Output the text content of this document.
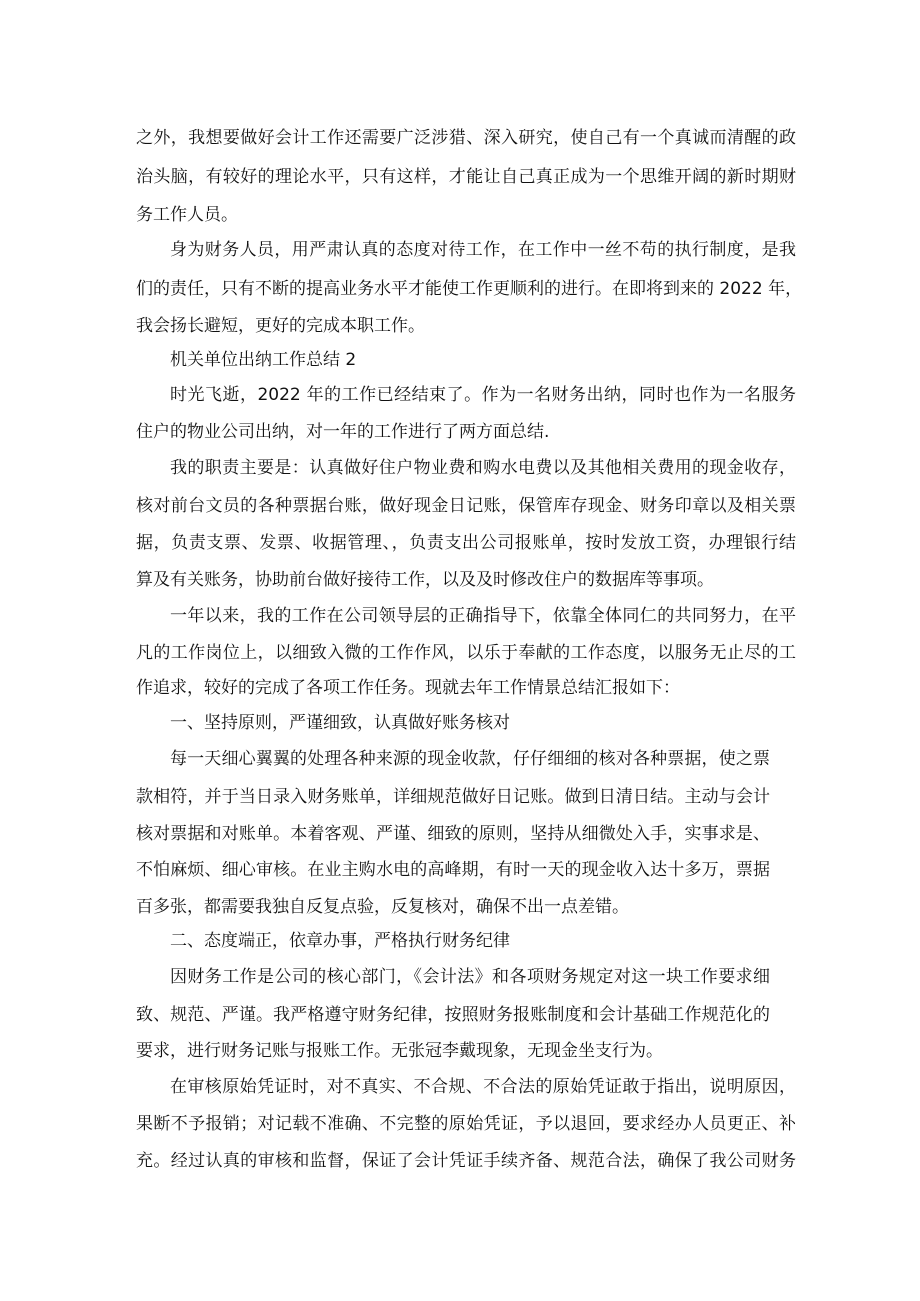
之外，我想要做好会计工作还需要广泛涉猎、深入研究，使自己有一个真诚而清醒的政
治头脑，有较好的理论水平，只有这样，才能让自己真正成为一个思维开阔的新时期财
务工作人员。
身为财务人员，用严肃认真的态度对待工作，在工作中一丝不苟的执行制度，是我
们的责任，只有不断的提高业务水平才能使工作更顺利的进行。在即将到来的 2022 年，
我会扬长避短，更好的完成本职工作。
机关单位出纳工作总结 2
时光飞逝，2022 年的工作已经结束了。作为一名财务出纳，同时也作为一名服务
住户的物业公司出纳，对一年的工作进行了两方面总结.
我的职责主要是：认真做好住户物业费和购水电费以及其他相关费用的现金收存，
核对前台文员的各种票据台账，做好现金日记账，保管库存现金、财务印章以及相关票
据，负责支票、发票、收据管理、，负责支出公司报账单，按时发放工资，办理银行结
算及有关账务，协助前台做好接待工作，以及及时修改住户的数据库等事项。
一年以来，我的工作在公司领导层的正确指导下，依靠全体同仁的共同努力，在平
凡的工作岗位上，以细致入微的工作作风，以乐于奉献的工作态度，以服务无止尽的工
作追求，较好的完成了各项工作任务。现就去年工作情景总结汇报如下：
一、坚持原则，严谨细致，认真做好账务核对
每一天细心翼翼的处理各种来源的现金收款，仔仔细细的核对各种票据，使之票
款相符，并于当日录入财务账单，详细规范做好日记账。做到日清日结。主动与会计
核对票据和对账单。本着客观、严谨、细致的原则，坚持从细微处入手，实事求是、
不怕麻烦、细心审核。在业主购水电的高峰期，有时一天的现金收入达十多万，票据
百多张，都需要我独自反复点验，反复核对，确保不出一点差错。
二、态度端正，依章办事，严格执行财务纪律
因财务工作是公司的核心部门，《会计法》和各项财务规定对这一块工作要求细
致、规范、严谨。我严格遵守财务纪律，按照财务报账制度和会计基础工作规范化的
要求，进行财务记账与报账工作。无张冠李戴现象，无现金坐支行为。
在审核原始凭证时，对不真实、不合规、不合法的原始凭证敢于指出，说明原因，
果断不予报销；对记载不准确、不完整的原始凭证，予以退回，要求经办人员更正、补
充。经过认真的审核和监督，保证了会计凭证手续齐备、规范合法，确保了我公司财务
